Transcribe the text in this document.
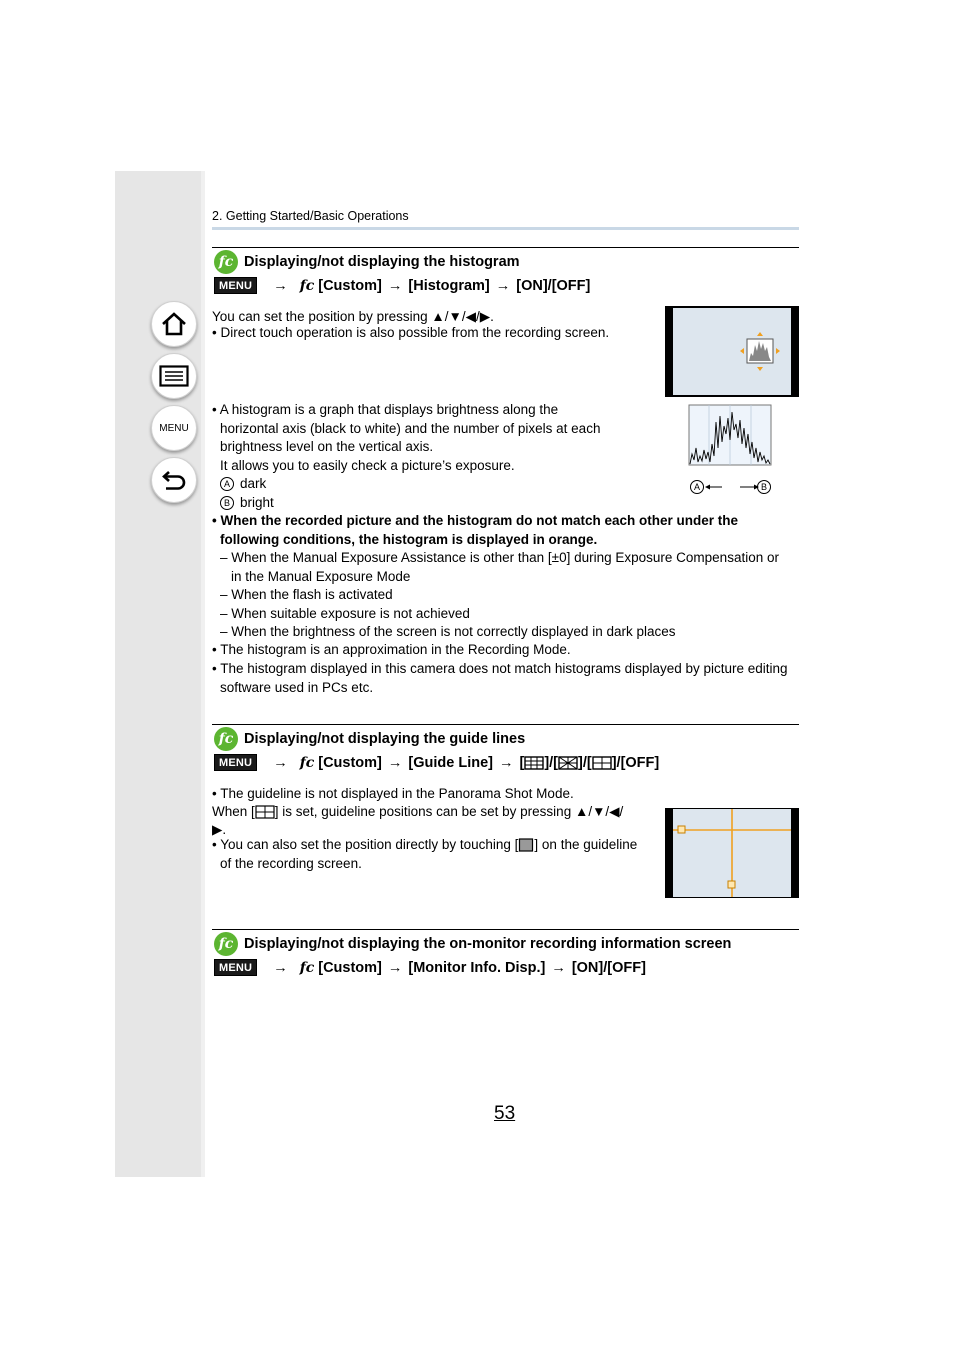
MENU
2. Getting Started/Basic Operations
fc Displaying/not displaying the histogram
MENU	→ fc [Custom] → [Histogram] → [ON]/[OFF]
You can set the position by pressing ▲/▼/◀/▶.
• Direct touch operation is also possible from the recording screen.
• A histogram is a graph that displays brightness along the
horizontal axis (black to white) and the number of pixels at each
brightness level on the vertical axis.
It allows you to easily check a picture’s exposure.
A dark
B bright
A	B
• When the recorded picture and the histogram do not match each other under the
following conditions, the histogram is displayed in orange.
– When the Manual Exposure Assistance is other than [±0] during Exposure Compensation or
in the Manual Exposure Mode
– When the flash is activated
– When suitable exposure is not achieved
– When the brightness of the screen is not correctly displayed in dark places
• The histogram is an approximation in the Recording Mode.
• The histogram displayed in this camera does not match histograms displayed by picture editing
software used in PCs etc.
fc Displaying/not displaying the guide lines
MENU	→ fc [Custom] → [Guide Line] → [ ]/[ ]/[ ]/ [OFF]
• The guideline is not displayed in the Panorama Shot Mode.
When [ ] is set, guideline positions can be set by pressing ▲/▼/◀/
▶.
• You can also set the position directly by touching [ ] on the guideline
of the recording screen.
fc Displaying/not displaying the on-monitor recording information screen
MENU	→ fc [Custom] → [Monitor Info. Disp.] → [ON]/[OFF]
53
